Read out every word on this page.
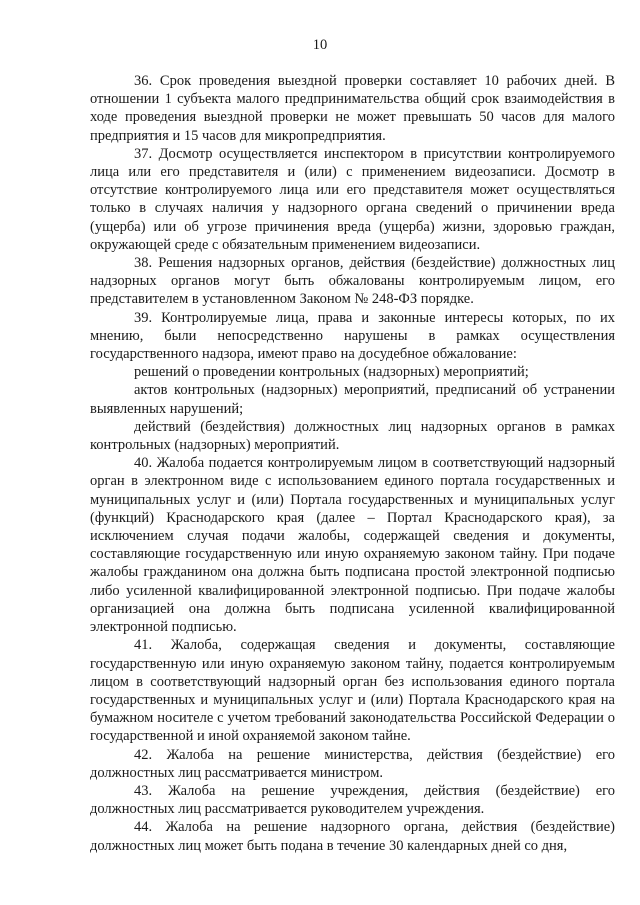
10

36. Срок проведения выездной проверки составляет 10 рабочих дней. В отношении 1 субъекта малого предпринимательства общий срок взаимодействия в ходе проведения выездной проверки не может превышать 50 часов для малого предприятия и 15 часов для микропредприятия.

37. Досмотр осуществляется инспектором в присутствии контролируемого лица или его представителя и (или) с применением видеозаписи. Досмотр в отсутствие контролируемого лица или его представителя может осуществляться только в случаях наличия у надзорного органа сведений о причинении вреда (ущерба) или об угрозе причинения вреда (ущерба) жизни, здоровью граждан, окружающей среде с обязательным применением видеозаписи.

38. Решения надзорных органов, действия (бездействие) должностных лиц надзорных органов могут быть обжалованы контролируемым лицом, его представителем в установленном Законом № 248-ФЗ порядке.

39. Контролируемые лица, права и законные интересы которых, по их мнению, были непосредственно нарушены в рамках осуществления государственного надзора, имеют право на досудебное обжалование:

решений о проведении контрольных (надзорных) мероприятий;

актов контрольных (надзорных) мероприятий, предписаний об устранении выявленных нарушений;

действий (бездействия) должностных лиц надзорных органов в рамках контрольных (надзорных) мероприятий.

40. Жалоба подается контролируемым лицом в соответствующий надзорный орган в электронном виде с использованием единого портала государственных и муниципальных услуг и (или) Портала государственных и муниципальных услуг (функций) Краснодарского края (далее – Портал Краснодарского края), за исключением случая подачи жалобы, содержащей сведения и документы, составляющие государственную или иную охраняемую законом тайну. При подаче жалобы гражданином она должна быть подписана простой электронной подписью либо усиленной квалифицированной электронной подписью. При подаче жалобы организацией она должна быть подписана усиленной квалифицированной электронной подписью.

41. Жалоба, содержащая сведения и документы, составляющие государственную или иную охраняемую законом тайну, подается контролируемым лицом в соответствующий надзорный орган без использования единого портала государственных и муниципальных услуг и (или) Портала Краснодарского края на бумажном носителе с учетом требований законодательства Российской Федерации о государственной и иной охраняемой законом тайне.

42. Жалоба на решение министерства, действия (бездействие) его должностных лиц рассматривается министром.

43. Жалоба на решение учреждения, действия (бездействие) его должностных лиц рассматривается руководителем учреждения.

44. Жалоба на решение надзорного органа, действия (бездействие) должностных лиц может быть подана в течение 30 календарных дней со дня,
